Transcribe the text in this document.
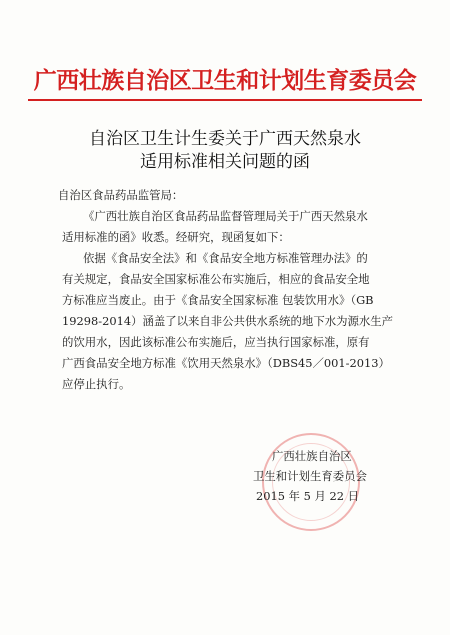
广西壮族自治区卫生和计划生育委员会
自治区卫生计生委关于广西天然泉水
适用标准相关问题的函
自治区食品药品监管局：
《广西壮族自治区食品药品监督管理局关于广西天然泉水
适用标准的函》收悉。经研究，现函复如下：
依据《食品安全法》和《食品安全地方标准管理办法》的
有关规定，食品安全国家标准公布实施后，相应的食品安全地
方标准应当废止。由于《食品安全国家标准 包装饮用水》（GB
19298-2014）涵盖了以来自非公共供水系统的地下水为源水生产
的饮用水，因此该标准公布实施后，应当执行国家标准，原有
广西食品安全地方标准《饮用天然泉水》（DBS45／001-2013）
应停止执行。
广西壮族自治区
卫生和计划生育委员会
2015 年 5 月 22 日
